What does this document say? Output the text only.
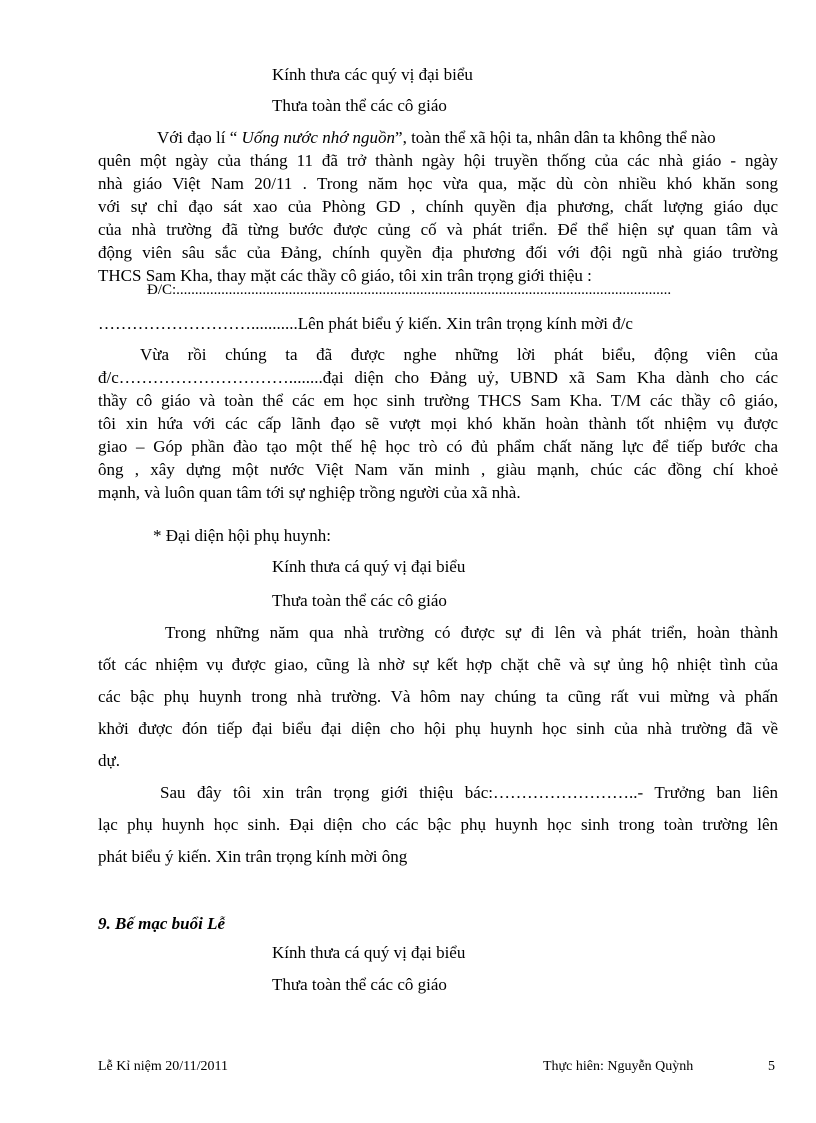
Kính thưa các quý vị đại biểu
Thưa toàn thể các cô giáo
Với đạo lí “ Uống nước nhớ nguồn”, toàn thể xã hội ta, nhân dân ta không thể nào
quên một ngày của tháng 11 đã trở thành ngày hội truyền thống của các nhà giáo - ngày
nhà giáo Việt Nam 20/11 . Trong năm học vừa qua, mặc dù còn nhiều khó khăn song
với sự chỉ đạo sát xao của Phòng GD , chính quyền địa phương, chất lượng giáo dục
của nhà trường đã từng bước được củng cố và phát triển. Để thể hiện sự quan tâm và
động viên sâu sắc của Đảng, chính quyền địa phương đối với đội ngũ nhà giáo trường
THCS Sam Kha, thay mặt các thầy cô giáo, tôi xin trân trọng giới thiệu :
Đ/C:....................................................................................................................................
………………………...........Lên phát biểu ý kiến. Xin trân trọng kính mời đ/c
Vừa rồi chúng ta đã được nghe những lời phát biểu, động viên của
đ/c…………………………........đại diện cho Đảng uỷ, UBND xã Sam Kha dành cho các
thầy cô giáo và toàn thể các em học sinh trường THCS Sam Kha. T/M các thầy cô giáo,
tôi xin hứa với các cấp lãnh đạo sẽ vượt mọi khó khăn hoàn thành tốt nhiệm vụ được
giao – Góp phần đào tạo một thế hệ học trò có đủ phẩm chất năng lực để tiếp bước cha
ông , xây dựng một nước Việt Nam văn minh , giàu mạnh, chúc các đồng chí khoẻ
mạnh, và luôn quan tâm tới sự nghiệp trồng người của xã nhà.
* Đại diện hội phụ huynh:
Kính thưa cá quý vị đại biểu
Thưa toàn thể các cô giáo
Trong những năm qua nhà trường có được sự đi lên và phát triển, hoàn thành
tốt các nhiệm vụ được giao, cũng là nhờ sự kết hợp chặt chẽ và sự ủng hộ nhiệt tình của
các bậc phụ huynh trong nhà trường. Và hôm nay chúng ta cũng rất vui mừng và phấn
khởi được đón tiếp đại biểu đại diện cho hội phụ huynh học sinh của nhà trường đã về
dự.
Sau đây tôi xin trân trọng giới thiệu bác:……………………..- Trưởng ban liên
lạc phụ huynh học sinh. Đại diện cho các bậc phụ huynh học sinh trong toàn trường lên
phát biểu ý kiến. Xin trân trọng kính mời ông
9. Bế mạc buổi Lễ
Kính thưa cá quý vị đại biểu
Thưa toàn thể các cô giáo
Lễ Kỉ niệm 20/11/2011	Thực hiên: Nguyễn Quỳnh	5
